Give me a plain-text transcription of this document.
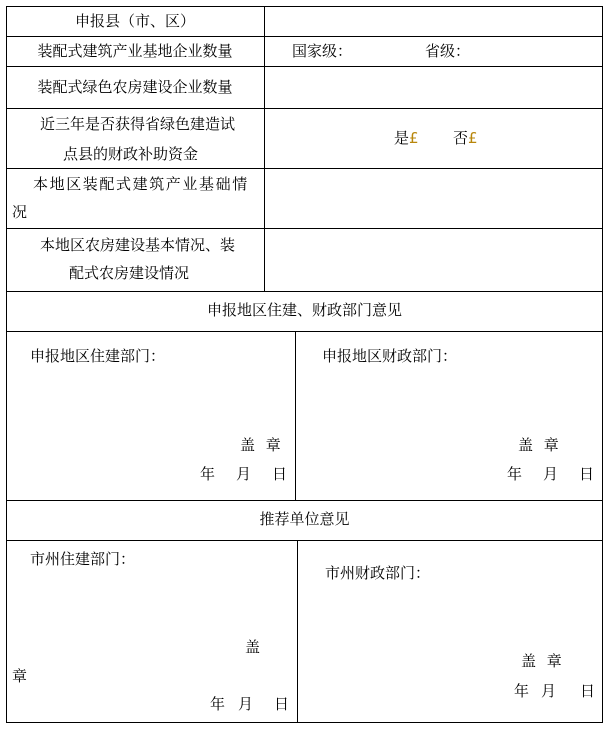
申报县（市、区）
装配式建筑产业基地企业数量	国家级：	省级：
装配式绿色农房建设企业数量
近三年是否获得省绿色建造试
点县的财政补助资金
是£ 否£
本地区装配式建筑产业基础情
况
本地区农房建设基本情况、装
配式农房建设情况
申报地区住建、财政部门意见
申报地区住建部门：
盖 章
年 月 日
申报地区财政部门：
盖 章
年 月 日
推荐单位意见
市州住建部门：
盖
章
年 月 日
市州财政部门：
盖 章
年 月 日
